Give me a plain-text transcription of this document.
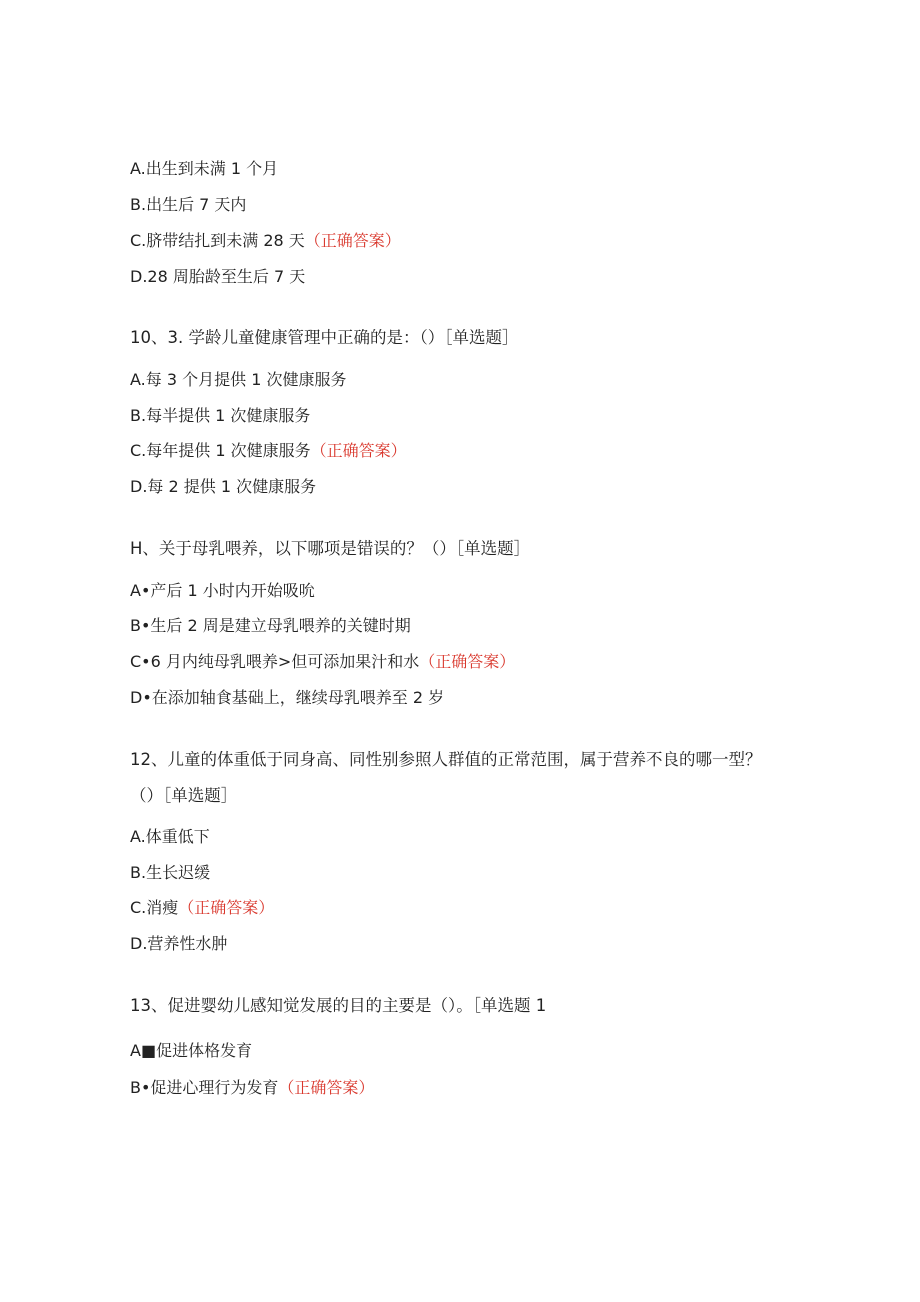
A.出生到未满 1 个月
B.出生后 7 天内
C.脐带结扎到未满 28 天（正确答案）
D.28 周胎龄至生后 7 天
10、3. 学龄儿童健康管理中正确的是：（）［单选题］
A.每 3 个月提供 1 次健康服务
B.每半提供 1 次健康服务
C.每年提供 1 次健康服务（正确答案）
D.每 2 提供 1 次健康服务
H、关于母乳喂养，以下哪项是错误的？（）［单选题］
A•产后 1 小时内开始吸吮
B•生后 2 周是建立母乳喂养的关键时期
C•6 月内纯母乳喂养>但可添加果汁和水（正确答案）
D•在添加轴食基础上，继续母乳喂养至 2 岁
12、儿童的体重低于同身高、同性别参照人群值的正常范围，属于营养不良的哪一型？
（）［单选题］
A.体重低下
B.生长迟缓
C.消瘦（正确答案）
D.营养性水肿
13、促进婴幼儿感知觉发展的目的主要是（）。［单选题 1
A■促进体格发育
B•促进心理行为发育（正确答案）
